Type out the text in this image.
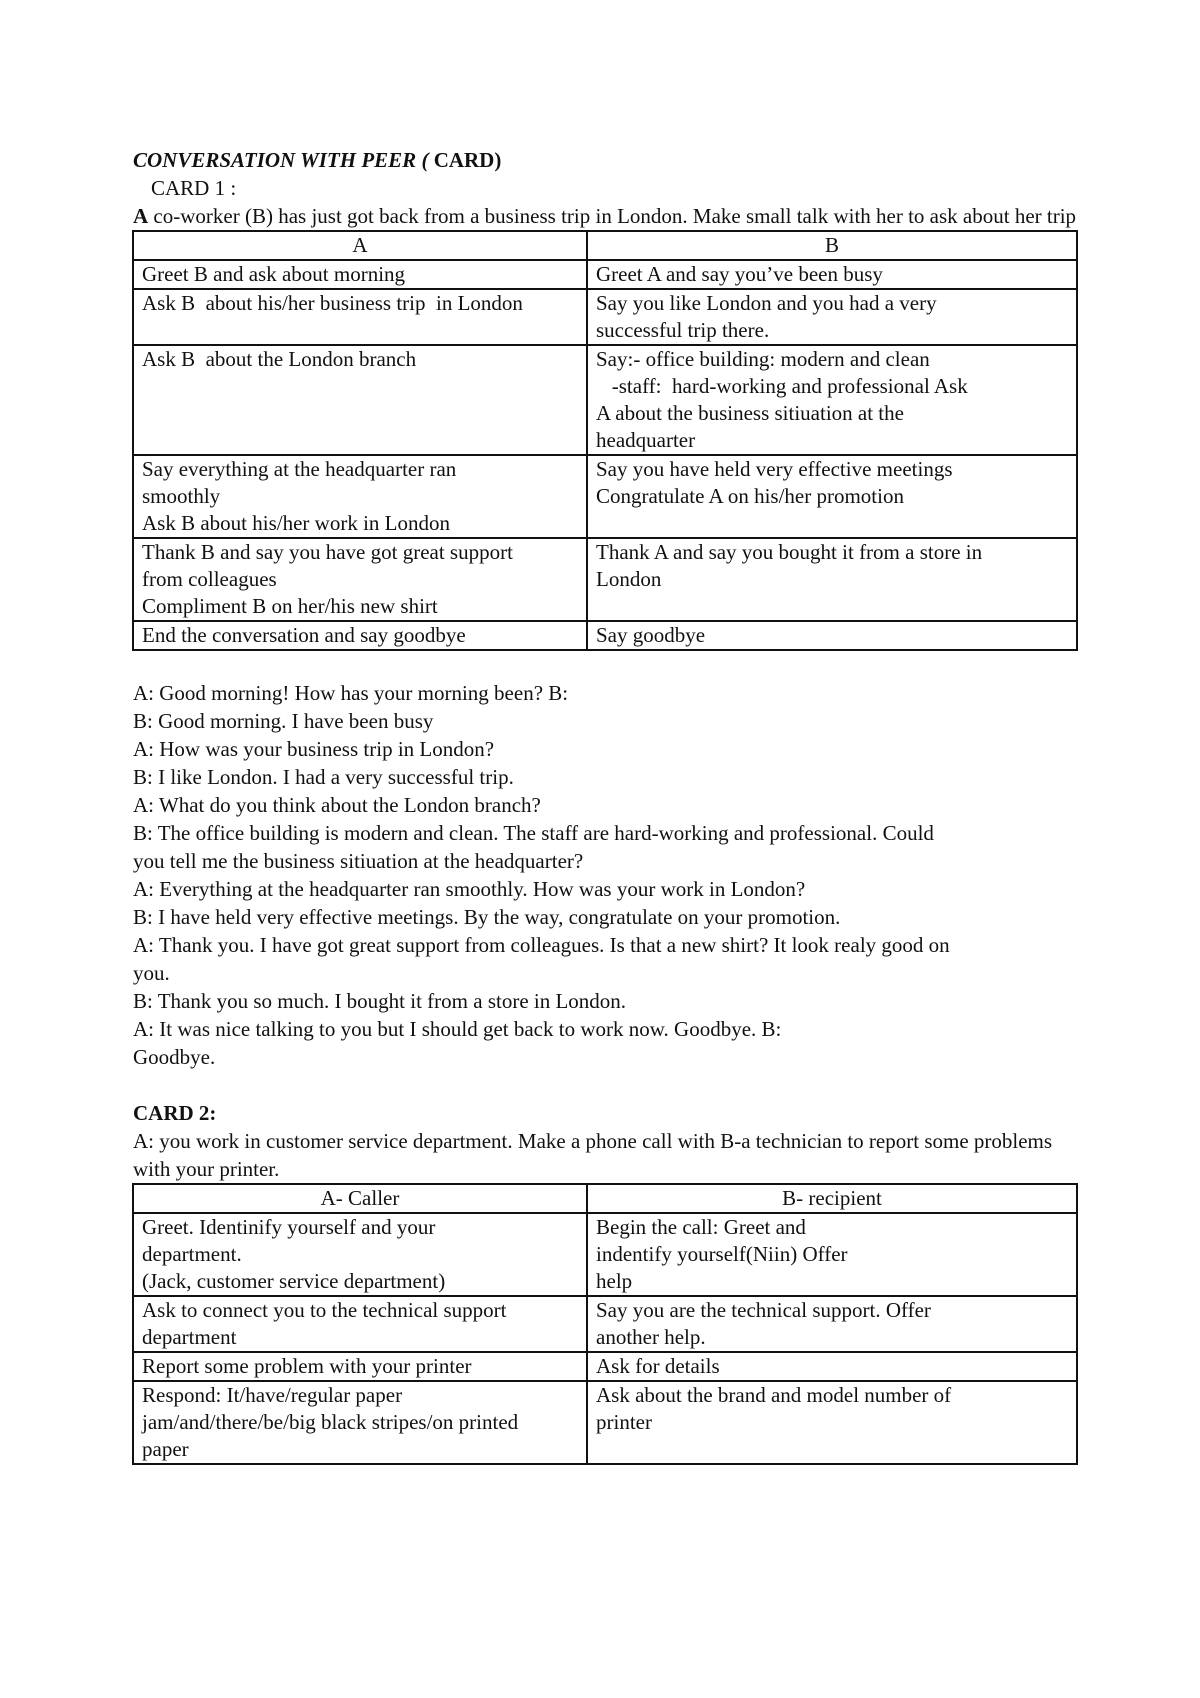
CONVERSATION WITH PEER ( CARD)
CARD 1 :
A co-worker (B) has just got back from a business trip in London. Make small talk with her to ask about her trip
A	B

Greet B and ask about morning	Greet A and say you’ve been busy

Ask B  about his/her business trip  in London	Say you like London and you had a very
successful trip there.

Ask B  about the London branch	Say:- office building: modern and clean
-staff:  hard-working and professional Ask
A about the business sitiuation at the
headquarter

Say everything at the headquarter ran
smoothly
Ask B about his/her work in London	Say you have held very effective meetings
Congratulate A on his/her promotion

Thank B and say you have got great support
from colleagues
Compliment B on her/his new shirt	Thank A and say you bought it from a store in
London

End the conversation and say goodbye	Say goodbye
A: Good morning! How has your morning been? B:
B: Good morning. I have been busy
A: How was your business trip in London?
B: I like London. I had a very successful trip.
A: What do you think about the London branch?
B: The office building is modern and clean. The staff are hard-working and professional. Could
you tell me the business sitiuation at the headquarter?
A: Everything at the headquarter ran smoothly. How was your work in London?
B: I have held very effective meetings. By the way, congratulate on your promotion.
A: Thank you. I have got great support from colleagues. Is that a new shirt? It look realy good on
you.
B: Thank you so much. I bought it from a store in London.
A: It was nice talking to you but I should get back to work now. Goodbye. B:
Goodbye.
CARD 2:
A: you work in customer service department. Make a phone call with B-a technician to report some problems with your printer.
A- Caller	B- recipient

Greet. Identinify yourself and your
department.
(Jack, customer service department)	Begin the call: Greet and
indentify yourself(Niin) Offer
help

Ask to connect you to the technical support
department	Say you are the technical support. Offer
another help.

Report some problem with your printer	Ask for details

Respond: It/have/regular paper
jam/and/there/be/big black stripes/on printed
paper	Ask about the brand and model number of
printer
